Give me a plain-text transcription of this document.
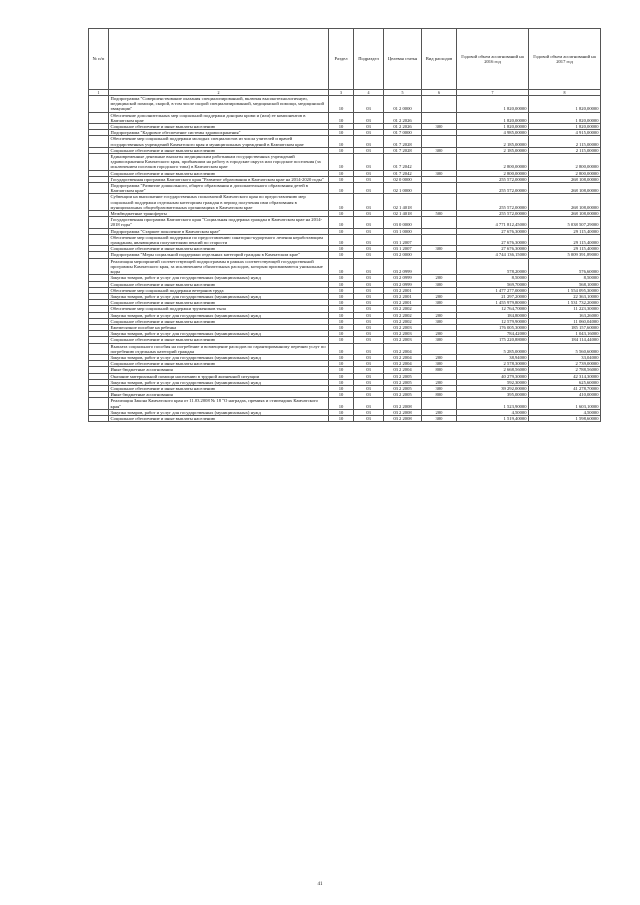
№ п/п		Раздел	Подраздел	Целевая статья	Вид расходов	Годовой объем ассигнований на 2016 год	Годовой объем ассигнований на 2017 год
1	2	3	4	5	6	7	8
	Подпрограмма "Совершенствование оказания специализированной, включая высокотехнологичную, медицинской помощи, скорой, в том числе скорой специализированной, медицинской помощи, медицинской эвакуации"	10	03	01 2 0000		1 820,00000	1 820,00000
	Обеспечение дополнительных мер социальной поддержки донорам крови и (или) ее компонентов в Камчатском крае	10	03	01 2 2026		1 820,00000	1 820,00000
	Социальное обеспечение и иные выплаты населению	10	03	01 2 2026	300	1 820,00000	1 820,00000
	Подпрограмма "Кадровое обеспечение системы здравоохранения"	10	03	01 7 0000		4 985,00000	4 915,00000
	Обеспечение мер социальной поддержки молодых специалистов из числа учителей и врачей государственных учреждений Камчатского края и муниципальных учреждений в Камчатском крае	10	03	01 7 2028		2 185,00000	2 115,00000
	Социальное обеспечение и иные выплаты населению	10	03	01 7 2028	300	2 185,00000	2 115,00000
	Единовременные денежные выплаты медицинским работникам государственных учреждений здравоохранения Камчатского края, прибывшим на работу в городские округа или городские поселения (за исключением поселков городского типа) в Камчатском крае	10	03	01 7 2042		2 800,00000	2 800,00000
	Социальное обеспечение и иные выплаты населению	10	03	01 7 2042	300	2 800,00000	2 800,00000
	Государственная программа Камчатского края "Развитие образования в Камчатском крае на 2014-2020 годы"	10	03	02 0 0000		255 572,00000	268 108,00000
	Подпрограмма "Развитие дошкольного, общего образования и дополнительного образования детей в Камчатском крае"	10	03	02 1 0000		255 572,00000	268 108,00000
	Субвенции на выполнение государственных полномочий Камчатского края по предоставлению мер социальной поддержки отдельным категориям граждан в период получения ими образования в муниципальных общеобразовательных организациях в Камчатском крае	10	03	02 1 4018		255 572,00000	268 108,00000
	Межбюджетные трансферты	10	03	02 1 4018	500	255 572,00000	268 108,00000
	Государственная программа Камчатского края "Социальная поддержка граждан в Камчатском крае на 2014-2018 годы"	10	03	03 0 0000		4 771 812,45000	5 038 507,29000
	Подпрограмма "Старшее поколение в Камчатском крае"	10	03	03 1 0000		27 676,30000	29 115,40000
	Обеспечение мер социальной поддержки по предоставлению санаторно-курортного лечения неработающим гражданам, являющимся получателями пенсий по старости	10	03	03 1 2007		27 676,30000	29 115,40000
	Социальное обеспечение и иные выплаты населению	10	03	03 1 2007	300	27 676,30000	29 115,40000
	Подпрограмма "Меры социальной поддержки отдельных категорий граждан в Камчатском крае"	10	03	03 2 0000		4 744 136,15000	5 009 391,89000
	Реализация мероприятий соответствующей подпрограммы в рамках соответствующей государственной программы Камчатского края, за исключением обязательных расходов, которым присваиваются уникальные коды	10	03	03 2 0999		578,20000	576,60000
	Закупка товаров, работ и услуг для государственных (муниципальных) нужд	10	03	03 2 0999	200	8,50000	8,50000
	Социальное обеспечение и иные выплаты населению	10	03	03 2 0999	300	569,70000	568,10000
	Обеспечение мер социальной поддержки ветеранов труда	10	03	03 2 2001		1 477 277,00000	1 554 095,30000
	Закупка товаров, работ и услуг для государственных (муниципальных) нужд	10	03	03 2 2001	200	21 297,20000	22 363,10000
	Социальное обеспечение и иные выплаты населению	10	03	03 2 2001	300	1 455 979,80000	1 531 732,20000
	Обеспечение мер социальной поддержки тружеников тыла	10	03	03 2 2002		12 764,70000	11 223,30000
	Закупка товаров, работ и услуг для государственных (муниципальных) нужд	10	03	03 2 2002	200	184,80000	163,26000
	Социальное обеспечение и иные выплаты населению	10	03	03 2 2002	300	12 579,90000	11 060,04000
	Ежемесячное пособие на ребенка	10	03	03 2 2003		176 005,30000	185 157,60000
	Закупка товаров, работ и услуг для государственных (муниципальных) нужд	10	03	03 2 2003	200	784,42000	1 043,16000
	Социальное обеспечение и иные выплаты населению	10	03	03 2 2003	300	175 220,88000	184 114,44000
	Выплата социального пособия на погребение и возмещение расходов по гарантированному перечню услуг по погребению отдельных категорий граждан	10	03	03 2 2004		5 285,00000	5 560,60000
	Закупка товаров, работ и услуг для государственных (муниципальных) нужд	10	03	03 2 2004	200	38,94000	33,04000
	Социальное обеспечение и иные выплаты населению	10	03	03 2 2004	300	2 578,30000	2 739,00000
	Иные бюджетные ассигнования	10	03	03 2 2004	800	2 668,56000	2 788,56000
	Оказание материальной помощи населению в трудной жизненной ситуации	10	03	03 2 2005		40 279,30000	42 314,30000
	Закупка товаров, работ и услуг для государственных (муниципальных) нужд	10	03	03 2 2005	200	592,30000	625,60000
	Социальное обеспечение и иные выплаты населению	10	03	03 2 2005	300	39 292,00000	41 278,70000
	Иные бюджетные ассигнования	10	03	03 2 2005	800	395,00000	410,00000
	Реализация Закона Камчатского края от 11.03.2008 № 18 "О наградах, премиях и стипендиях Камчатского края"	10	03	03 2 2008		1 523,90000	1 603,10000
	Закупка товаров, работ и услуг для государственных (муниципальных) нужд	10	03	03 2 2008	200	4,50000	4,50000
	Социальное обеспечение и иные выплаты населению	10	03	03 2 2008	300	1 519,40000	1 598,60000
41
